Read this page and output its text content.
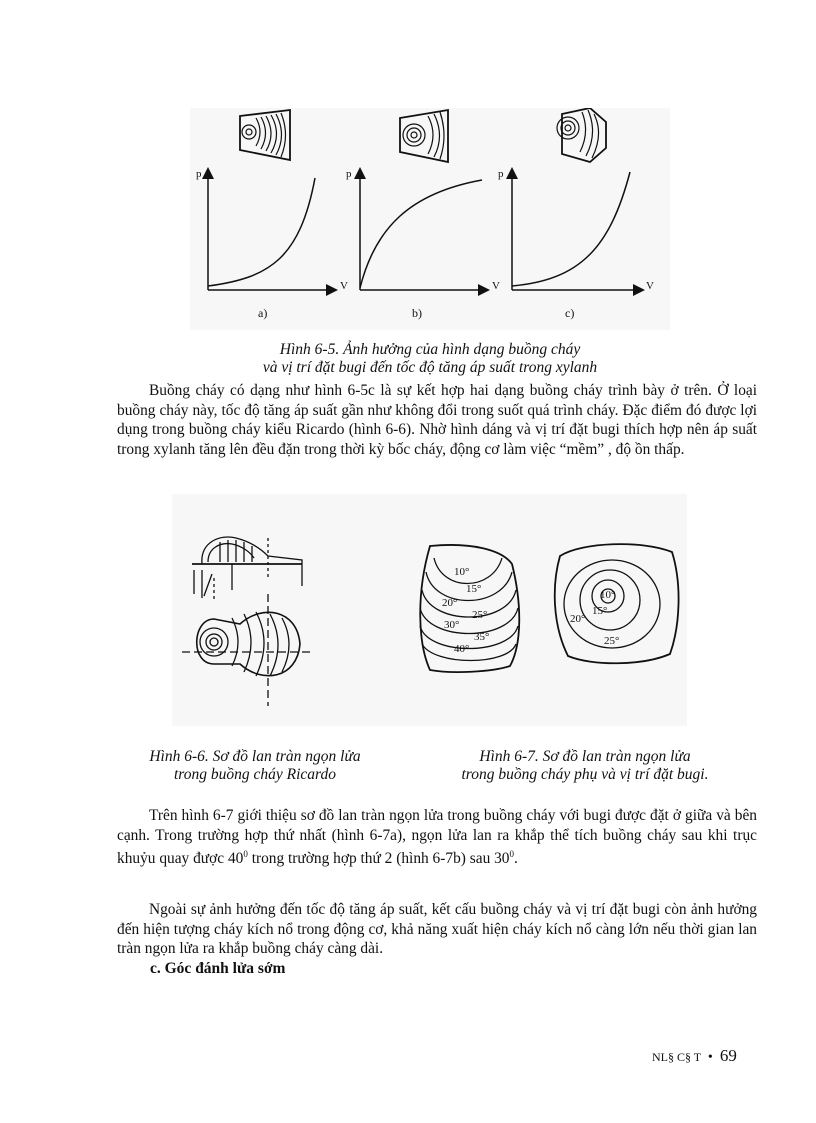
p
V
p
V
p
V
a)	b)	c)
Hình 6-5. Ảnh hưởng của hình dạng buồng cháy
và vị trí đặt bugi đến tốc độ tăng áp suất trong xylanh

Buồng cháy có dạng như hình 6-5c là sự kết hợp hai dạng buồng cháy trình bày ở trên. Ở loại buồng cháy này, tốc độ tăng áp suất gần như không đổi trong suốt quá trình cháy. Đặc điểm đó được lợi dụng trong buồng cháy kiểu Ricardo (hình 6-6). Nhờ hình dáng và vị trí đặt bugi thích hợp nên áp suất trong xylanh tăng lên đều đặn trong thời kỳ bốc cháy, động cơ làm việc “mềm” , độ ồn thấp.

10°
15°
20°
25°
30°
35°
40°
10°
15°
20°
25°
Hình 6-6. Sơ đồ lan tràn ngọn lửa
trong buồng cháy Ricardo
Hình 6-7. Sơ đồ lan tràn ngọn lửa
trong buồng cháy phụ và vị trí đặt bugi.

Trên hình 6-7 giới thiệu sơ đồ lan tràn ngọn lửa trong buồng cháy với bugi được đặt ở giữa và bên cạnh. Trong trường hợp thứ nhất (hình 6-7a), ngọn lửa lan ra khắp thể tích buồng cháy sau khi trục khuỷu quay được $40^0$ trong trường hợp thứ 2 (hình 6-7b) sau $30^0$.

Ngoài sự ảnh hưởng đến tốc độ tăng áp suất, kết cấu buồng cháy và vị trí đặt bugi còn ảnh hưởng đến hiện tượng cháy kích nổ trong động cơ, khả năng xuất hiện cháy kích nổ càng lớn nếu thời gian lan tràn ngọn lửa ra khắp buồng cháy càng dài.

c. Góc đánh lửa sớm
NL§ C§ T • 69
